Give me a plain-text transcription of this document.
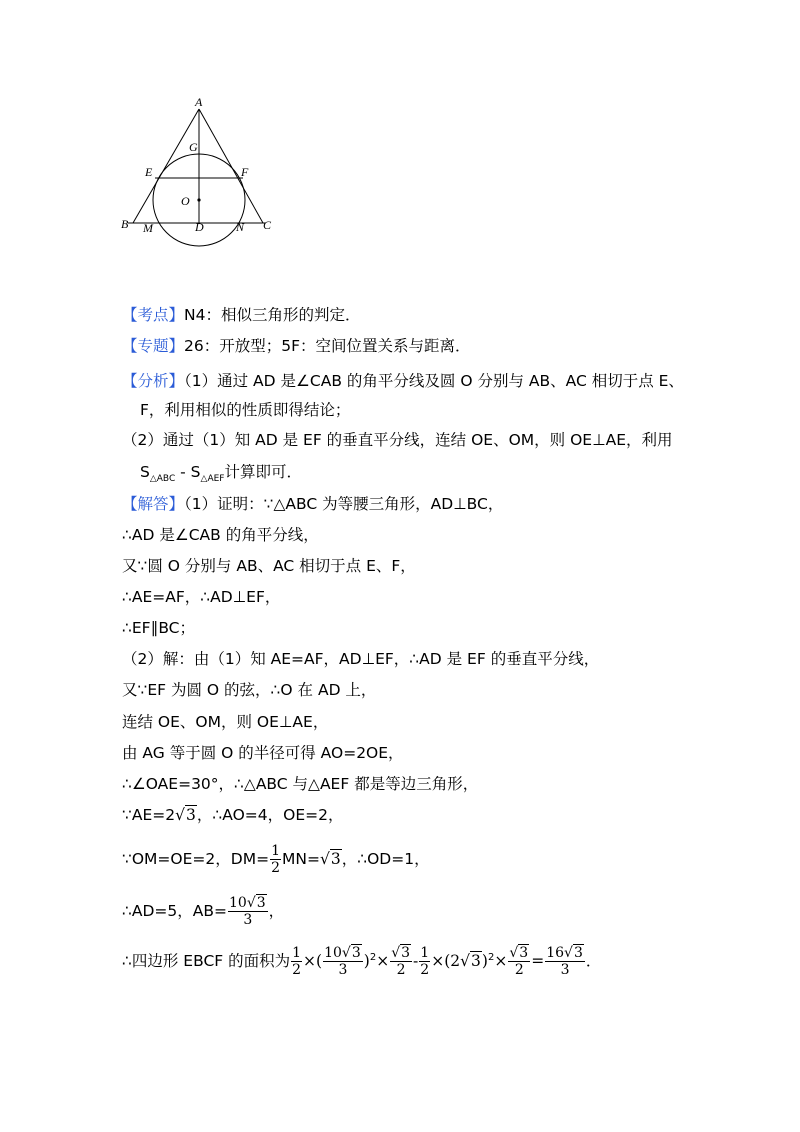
A
G
E	F
O
B M	D	N C
【考点】N4：相似三角形的判定．
【专题】26：开放型；5F：空间位置关系与距离．
【分析】（1）通过 AD 是∠CAB 的角平分线及圆 O 分别与 AB、AC 相切于点 E、
F，利用相似的性质即得结论；
（2）通过（1）知 AD 是 EF 的垂直平分线，连结 OE、OM，则 OE⊥AE，利用
$S_{\triangle ABC} - S_{\triangle AEF}$计算即可．
【解答】（1）证明：∵△ABC 为等腰三角形，AD⊥BC，
∴AD 是∠CAB 的角平分线，
又∵圆 O 分别与 AB、AC 相切于点 E、F，
∴AE=AF，∴AD⊥EF，
∴EF∥BC；
（2）解：由（1）知 AE=AF，AD⊥EF，∴AD 是 EF 的垂直平分线，
又∵EF 为圆 O 的弦，∴O 在 AD 上，
连结 OE、OM，则 OE⊥AE，
由 AG 等于圆 O 的半径可得 AO=2OE，
∴∠OAE=30°，∴△ABC 与△AEF 都是等边三角形，
∵AE=2√3，∴AO=4，OE=2，
∵OM=OE=2，$DM= \frac{1}{2} MN=√3$，∴OD=1，
∴AD=5，$AB= \frac{10√3}{3}$ ，
∴四边形 EBCF 的面积为 $\frac{1}{2}$ ×( $\frac{10√3}{3} )^2\times \frac{√3}{2} - \frac{1}{2} \times(2√3)^2\times \frac{√3}{2} = \frac{16√3}{3}$ ．
